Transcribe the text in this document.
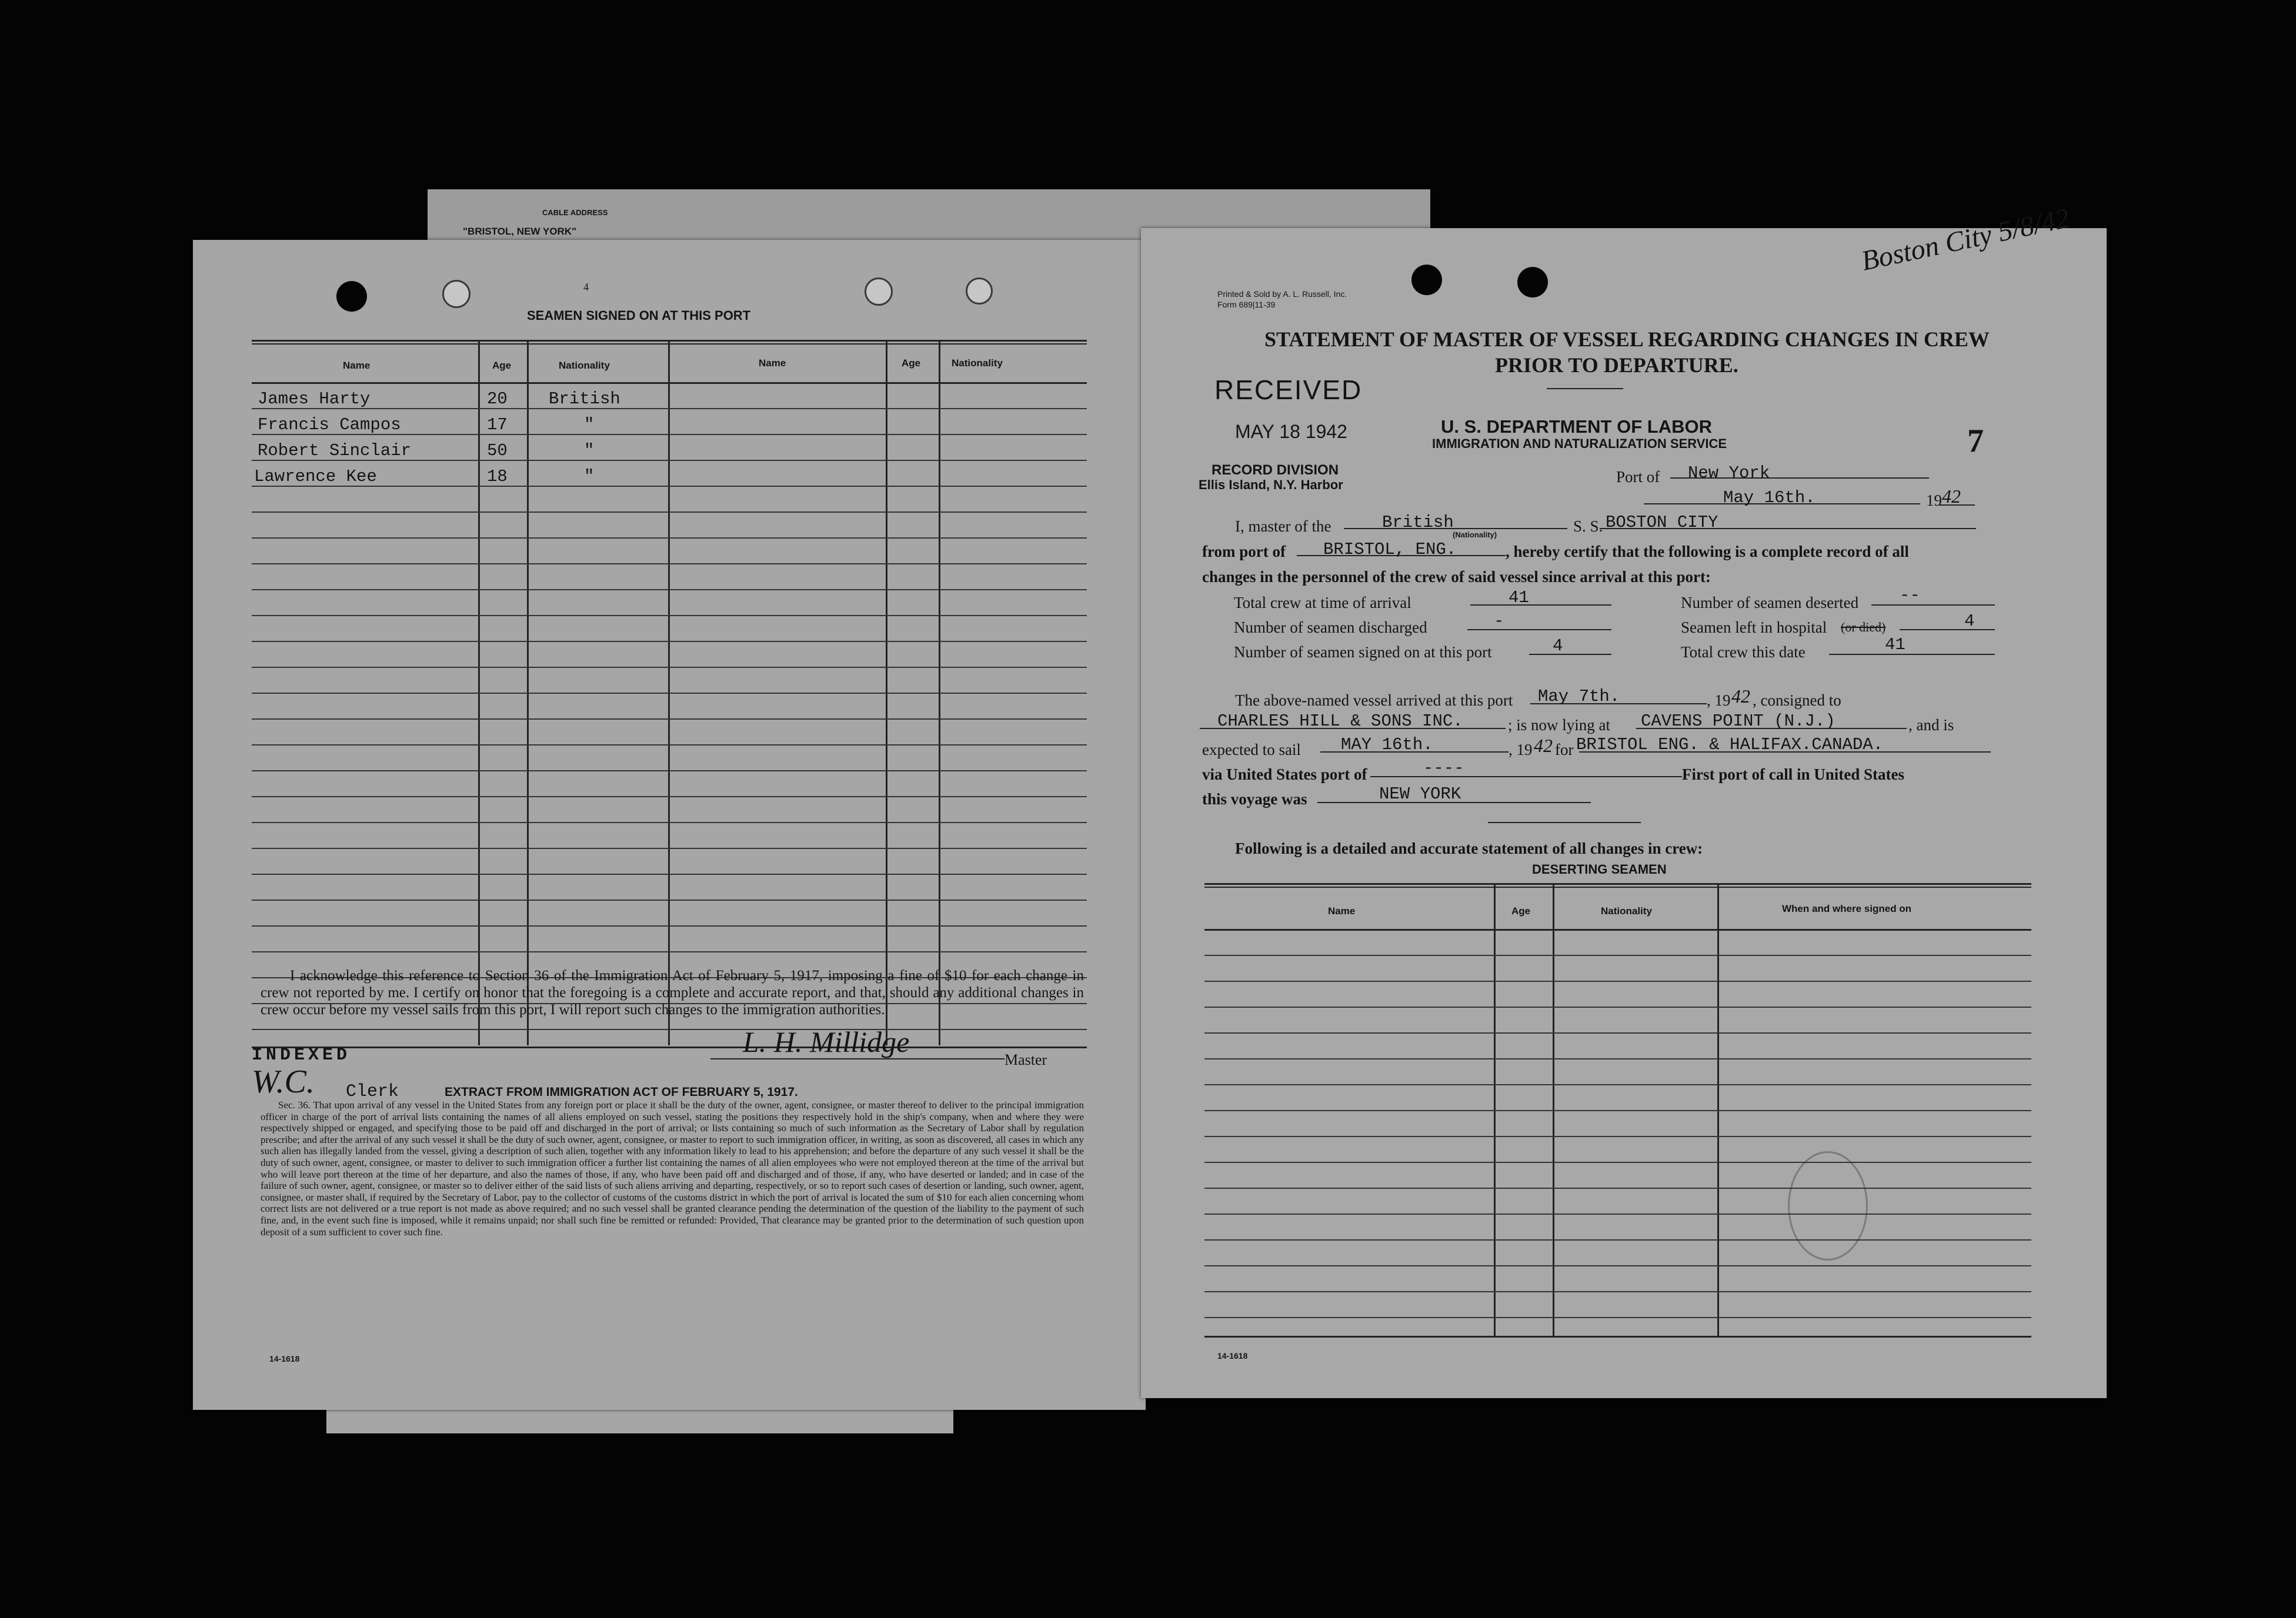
CABLE ADDRESS
"BRISTOL, NEW YORK"
4
SEAMEN SIGNED ON AT THIS PORT
Name	Age	Nationality	Name	Age	Nationality
James Harty	20 British
Francis Campos	17	"
Robert Sinclair	50	"
Lawrence Kee	18	"
I acknowledge this reference to Section 36 of the Immigration Act of February 5, 1917, imposing a fine of $10 for each change in crew not reported by me. I certify on honor that the foregoing is a complete and accurate report, and that, should any additional changes in crew occur before my vessel sails from this port, I will report such changes to the immigration authorities.
INDEXED
W.C. Clerk
L. H. Millidge
Master
EXTRACT FROM IMMIGRATION ACT OF FEBRUARY 5, 1917.
Sec. 36. That upon arrival of any vessel in the United States from any foreign port or place it shall be the duty of the owner, agent, consignee, or master thereof to deliver to the principal immigration officer in charge of the port of arrival lists containing the names of all aliens employed on such vessel, stating the positions they respectively hold in the ship's company, when and where they were respectively shipped or engaged, and specifying those to be paid off and discharged in the port of arrival; or lists containing so much of such information as the Secretary of Labor shall by regulation prescribe; and after the arrival of any such vessel it shall be the duty of such owner, agent, consignee, or master to report to such immigration officer, in writing, as soon as discovered, all cases in which any such alien has illegally landed from the vessel, giving a description of such alien, together with any information likely to lead to his apprehension; and before the departure of any such vessel it shall be the duty of such owner, agent, consignee, or master to deliver to such immigration officer a further list containing the names of all alien employees who were not employed thereon at the time of the arrival but who will leave port thereon at the time of her departure, and also the names of those, if any, who have been paid off and discharged and of those, if any, who have deserted or landed; and in case of the failure of such owner, agent, consignee, or master so to deliver either of the said lists of such aliens arriving and departing, respectively, or so to report such cases of desertion or landing, such owner, agent, consignee, or master shall, if required by the Secretary of Labor, pay to the collector of customs of the customs district in which the port of arrival is located the sum of $10 for each alien concerning whom correct lists are not delivered or a true report is not made as above required; and no such vessel shall be granted clearance pending the determination of the question of the liability to the payment of such fine, and, in the event such fine is imposed, while it remains unpaid; nor shall such fine be remitted or refunded: Provided, That clearance may be granted prior to the determination of such question upon deposit of a sum sufficient to cover such fine.
14-1618
Printed & Sold by A. L. Russell, Inc.
Form 689|11-39
Boston City 5/8/42
STATEMENT OF MASTER OF VESSEL REGARDING CHANGES IN CREW
PRIOR TO DEPARTURE.
RECEIVED
MAY 18 1942
RECORD DIVISION
Ellis Island, N.Y. Harbor
U. S. DEPARTMENT OF LABOR
IMMIGRATION AND NATURALIZATION SERVICE	7
Port of New York
May 16th.	19 42
I, master of the	British
(Nationality)	S. S. BOSTON CITY
from port of BRISTOL, ENG.	, hereby certify that the following is a complete record of all
changes in the personnel of the crew of said vessel since arrival at this port:
Total crew at time of arrival	41	Number of seamen deserted --
Number of seamen discharged	-	Seamen left in hospital (or died)	4
Number of seamen signed on at this port	4	Total crew this date	41
The above-named vessel arrived at this port May 7th.	, 19 42 , consigned to
CHARLES HILL & SONS INC.	; is now lying at CAVENS POINT (N.J.)	, and is
expected to sail MAY 16th.	, 19 42 for BRISTOL ENG. & HALIFAX.CANADA.
via United States port of	----	First port of call in United States
this voyage was	NEW YORK
Following is a detailed and accurate statement of all changes in crew:
DESERTING SEAMEN
Name	Age	Nationality	When and where signed on
14-1618
